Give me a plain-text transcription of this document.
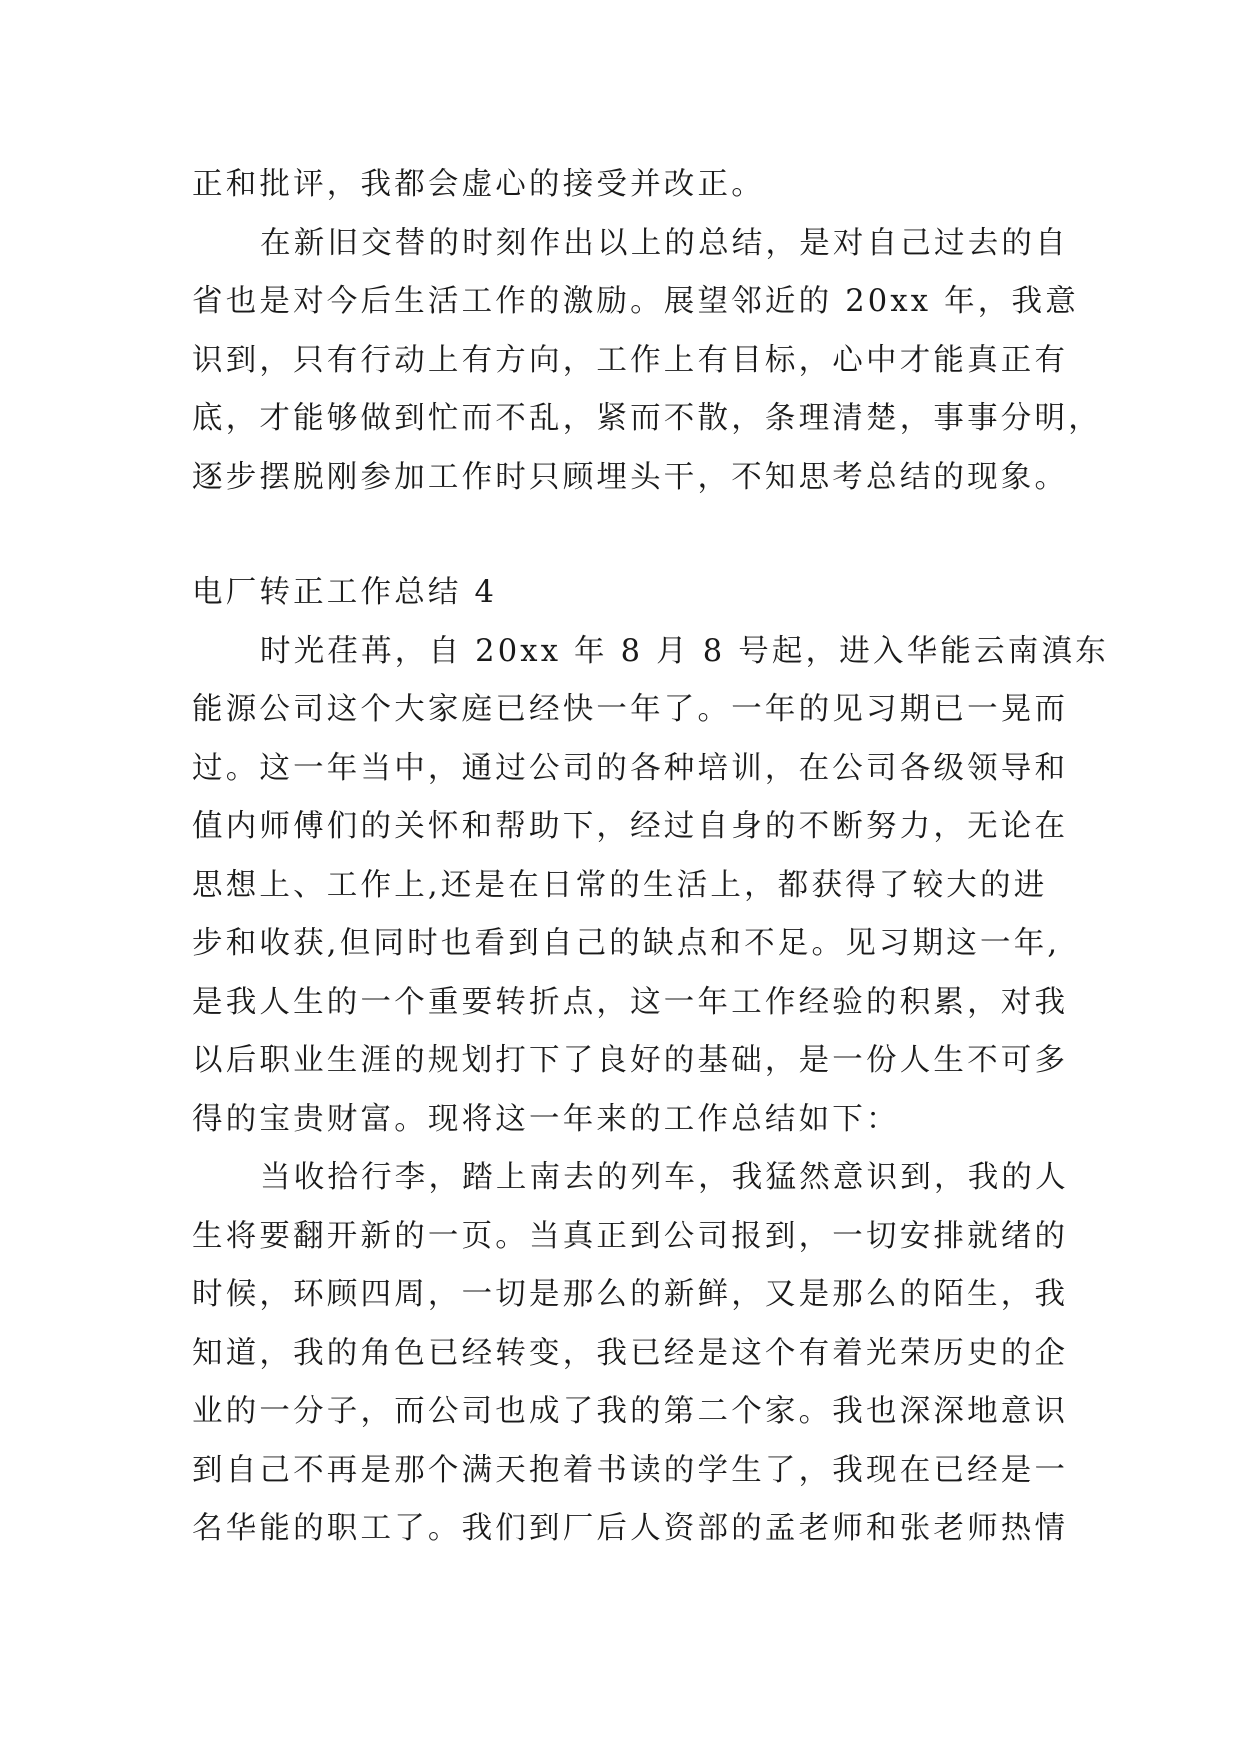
正和批评，我都会虚心的接受并改正。
在新旧交替的时刻作出以上的总结，是对自己过去的自
省也是对今后生活工作的激励。展望邻近的 20xx 年，我意
识到，只有行动上有方向，工作上有目标，心中才能真正有
底，才能够做到忙而不乱，紧而不散，条理清楚，事事分明，
逐步摆脱刚参加工作时只顾埋头干，不知思考总结的现象。
电厂转正工作总结 4
时光荏苒，自 20xx 年 8 月 8 号起，进入华能云南滇东
能源公司这个大家庭已经快一年了。一年的见习期已一晃而
过。这一年当中，通过公司的各种培训，在公司各级领导和
值内师傅们的关怀和帮助下，经过自身的不断努力，无论在
思想上、工作上,还是在日常的生活上，都获得了较大的进
步和收获,但同时也看到自己的缺点和不足。见习期这一年,
是我人生的一个重要转折点，这一年工作经验的积累，对我
以后职业生涯的规划打下了良好的基础，是一份人生不可多
得的宝贵财富。现将这一年来的工作总结如下：
当收拾行李，踏上南去的列车，我猛然意识到，我的人
生将要翻开新的一页。当真正到公司报到，一切安排就绪的
时候，环顾四周，一切是那么的新鲜，又是那么的陌生，我
知道，我的角色已经转变，我已经是这个有着光荣历史的企
业的一分子，而公司也成了我的第二个家。我也深深地意识
到自己不再是那个满天抱着书读的学生了，我现在已经是一
名华能的职工了。我们到厂后人资部的孟老师和张老师热情
